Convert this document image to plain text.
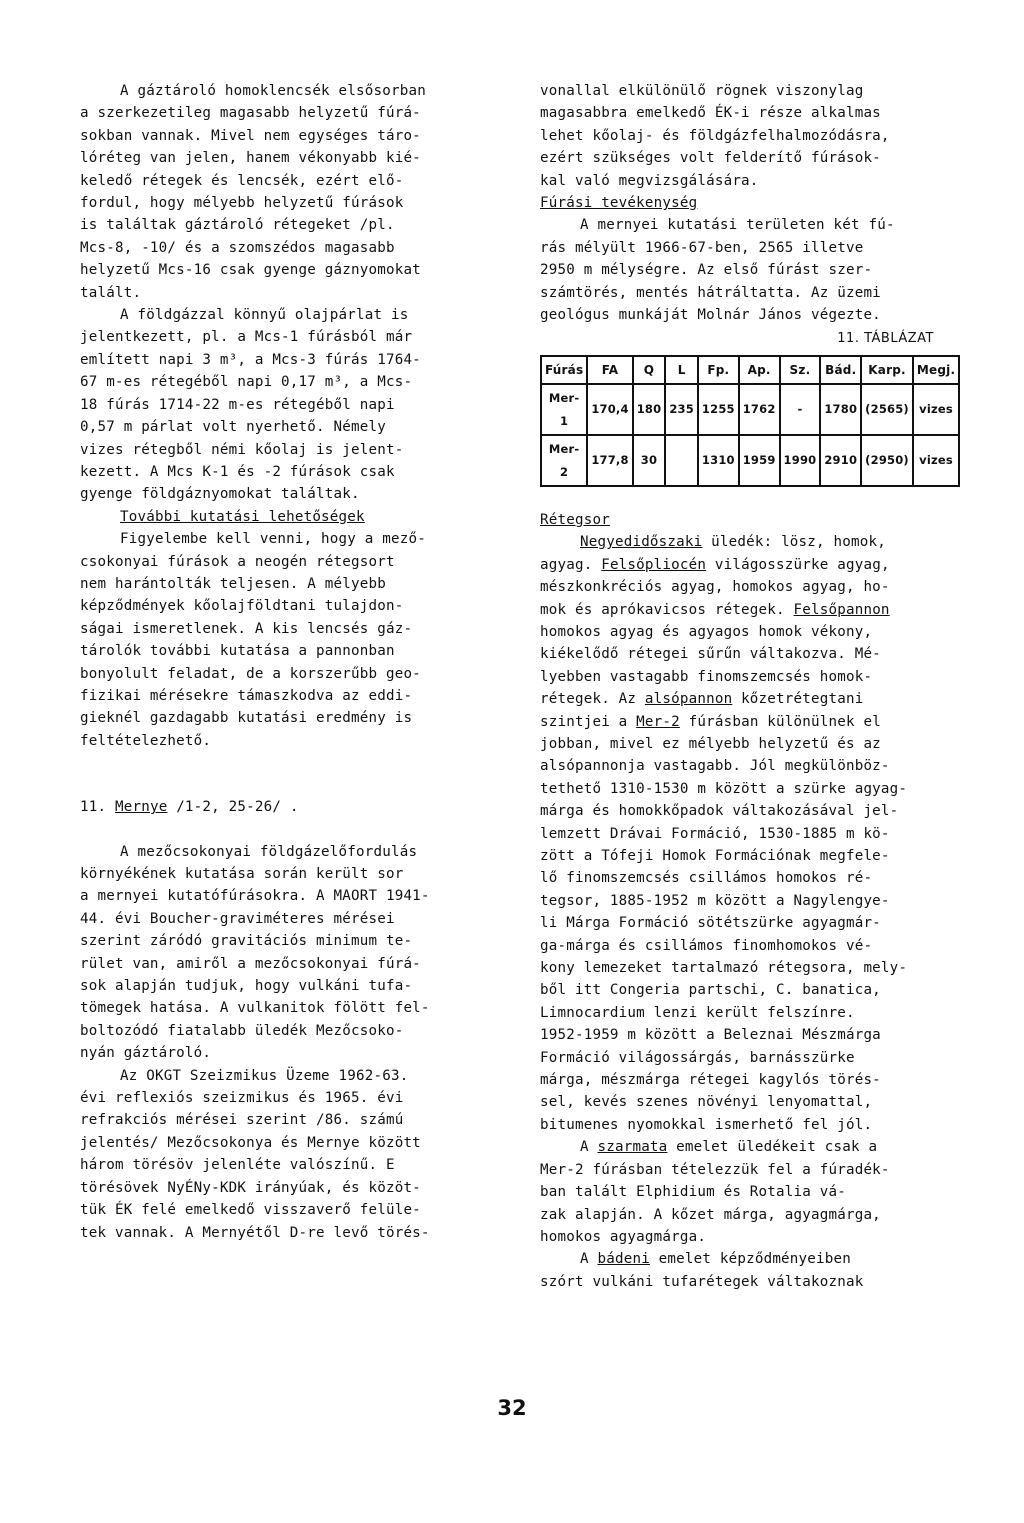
A gáztároló homoklencsék elsősorban
a szerkezetileg magasabb helyzetű fúrá-
sokban vannak. Mivel nem egységes táro-
lóréteg van jelen, hanem vékonyabb kié-
keledő rétegek és lencsék, ezért elő-
fordul, hogy mélyebb helyzetű fúrások
is találtak gáztároló rétegeket /pl.
Mcs-8, -10/ és a szomszédos magasabb
helyzetű Mcs-16 csak gyenge gáznyomokat
talált.
A földgázzal könnyű olajpárlat is
jelentkezett, pl. a Mcs-1 fúrásból már
említett napi 3 m³, a Mcs-3 fúrás 1764-
67 m-es rétegéből napi 0,17 m³, a Mcs-
18 fúrás 1714-22 m-es rétegéből napi
0,57 m párlat volt nyerhető. Némely
vizes rétegből némi kőolaj is jelent-
kezett. A Mcs K-1 és -2 fúrások csak
gyenge földgáznyomokat találtak.
További kutatási lehetőségek
Figyelembe kell venni, hogy a mező-
csokonyai fúrások a neogén rétegsort
nem harántolták teljesen. A mélyebb
képződmények kőolajföldtani tulajdon-
ságai ismeretlenek. A kis lencsés gáz-
tárolók további kutatása a pannonban
bonyolult feladat, de a korszerűbb geo-
fizikai mérésekre támaszkodva az eddi-
gieknél gazdagabb kutatási eredmény is
feltételezhető.
11. Mernye /1-2, 25-26/ .
A mezőcsokonyai földgázelőfordulás
környékének kutatása során került sor
a mernyei kutatófúrásokra. A MAORT 1941-
44. évi Boucher-graviméteres mérései
szerint záródó gravitációs minimum te-
rület van, amiről a mezőcsokonyai fúrá-
sok alapján tudjuk, hogy vulkáni tufa-
tömegek hatása. A vulkanitok fölött fel-
boltozódó fiatalabb üledék Mezőcsoko-
nyán gáztároló.
Az OKGT Szeizmikus Üzeme 1962-63.
évi reflexiós szeizmikus és 1965. évi
refrakciós mérései szerint /86. számú
jelentés/ Mezőcsokonya és Mernye között
három törésöv jelenléte valószínű. E
törésövek NyÉNy-KDK irányúak, és közöt-
tük ÉK felé emelkedő visszaverő felüle-
tek vannak. A Mernyétől D-re levő törés-
vonallal elkülönülő rögnek viszonylag
magasabbra emelkedő ÉK-i része alkalmas
lehet kőolaj- és földgázfelhalmozódásra,
ezért szükséges volt felderítő fúrások-
kal való megvizsgálására.
Fúrási tevékenység
A mernyei kutatási területen két fú-
rás mélyült 1966-67-ben, 2565 illetve
2950 m mélységre. Az első fúrást szer-
számtörés, mentés hátráltatta. Az üzemi
geológus munkáját Molnár János végezte.
11. TÁBLÁZAT
Fúrás	FA	Q	L	Fp.	Ap.	Sz.	Bád.	Karp.	Megj.
Mer-1	170,4	180	235	1255	1762	-	1780	(2565)	vizes
Mer-2	177,8	30		1310	1959	1990	2910	(2950)	vizes
Rétegsor
Negyedidőszaki üledék: lösz, homok,
agyag. Felsőpliocén világosszürke agyag,
mészkonkréciós agyag, homokos agyag, ho-
mok és aprókavicsos rétegek. Felsőpannon
homokos agyag és agyagos homok vékony,
kiékelődő rétegei sűrűn váltakozva. Mé-
lyebben vastagabb finomszemcsés homok-
rétegek. Az alsópannon kőzetrétegtani
szintjei a Mer-2 fúrásban különülnek el
jobban, mivel ez mélyebb helyzetű és az
alsópannonja vastagabb. Jól megkülönböz-
tethető 1310-1530 m között a szürke agyag-
márga és homokkőpadok váltakozásával jel-
lemzett Drávai Formáció, 1530-1885 m kö-
zött a Tófeji Homok Formációnak megfele-
lő finomszemcsés csillámos homokos ré-
tegsor, 1885-1952 m között a Nagylengye-
li Márga Formáció sötétszürke agyagmár-
ga-márga és csillámos finomhomokos vé-
kony lemezeket tartalmazó rétegsora, mely-
ből itt Congeria partschi, C. banatica,
Limnocardium lenzi került felszínre.
1952-1959 m között a Beleznai Mészmárga
Formáció világossárgás, barnásszürke
márga, mészmárga rétegei kagylós törés-
sel, kevés szenes növényi lenyomattal,
bitumenes nyomokkal ismerhető fel jól.
A szarmata emelet üledékeit csak a
Mer-2 fúrásban tételezzük fel a fúradék-
ban talált Elphidium és Rotalia vá-
zak alapján. A kőzet márga, agyagmárga,
homokos agyagmárga.
A bádeni emelet képződményeiben
szórt vulkáni tufarétegek váltakoznak
32
